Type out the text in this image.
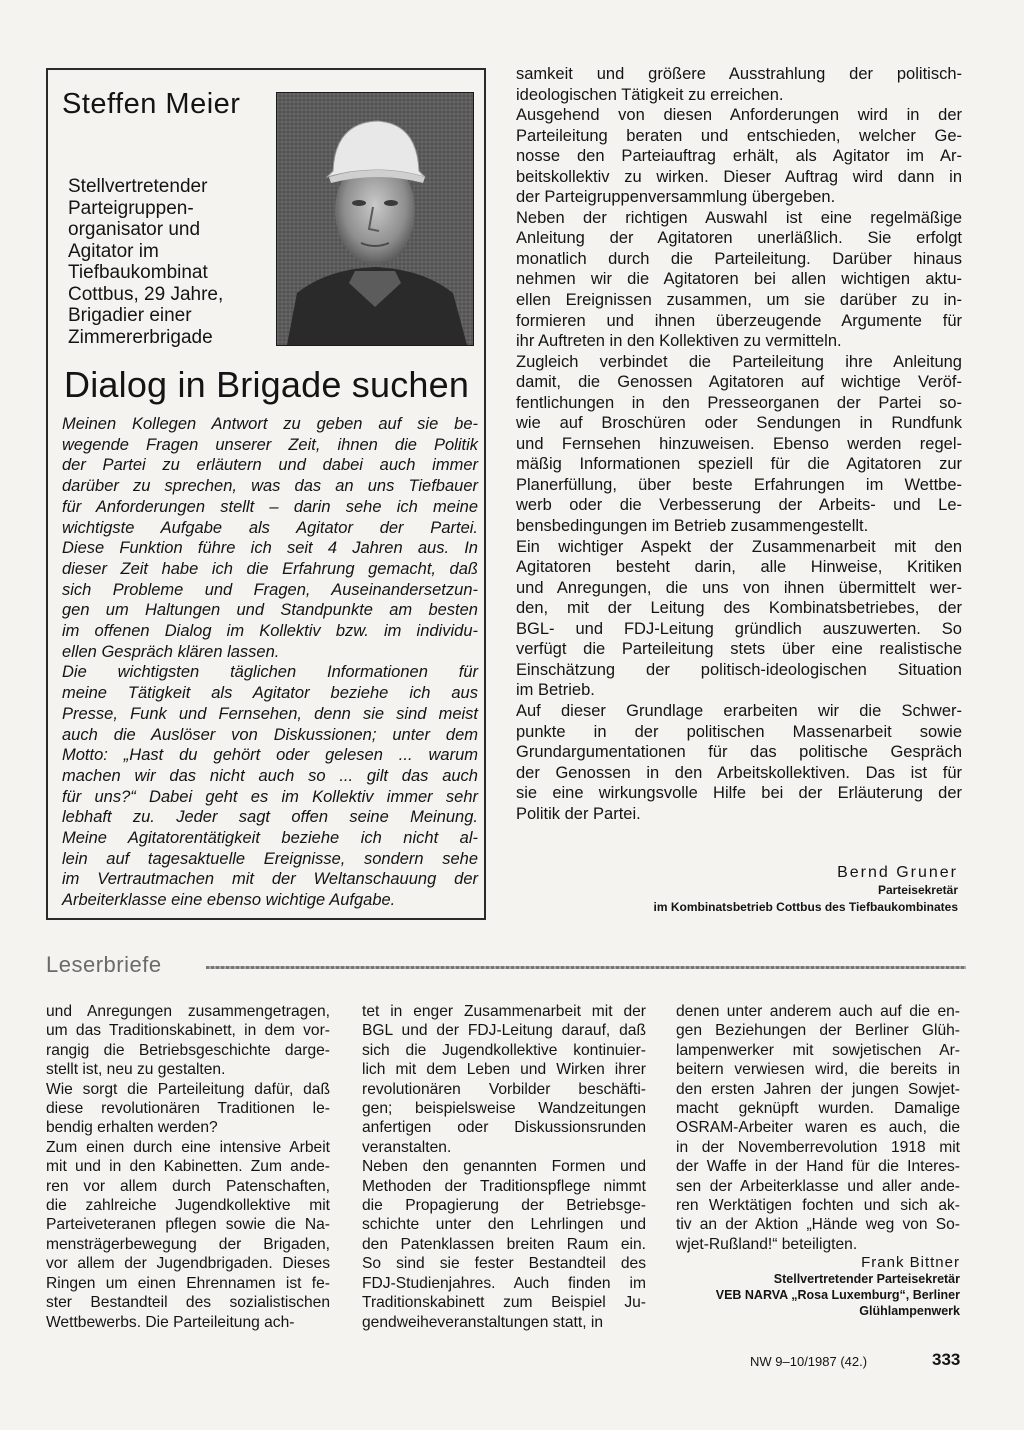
Steffen Meier
Stellvertretender
Parteigruppen-
organisator und
Agitator im
Tiefbaukombinat
Cottbus, 29 Jahre,
Brigadier einer
Zimmererbrigade
Dialog in Brigade suchen
Meinen Kollegen Antwort zu geben auf sie be-
wegende Fragen unserer Zeit, ihnen die Politik
der Partei zu erläutern und dabei auch immer
darüber zu sprechen, was das an uns Tiefbauer
für Anforderungen stellt – darin sehe ich meine
wichtigste Aufgabe als Agitator der Partei.
Diese Funktion führe ich seit 4 Jahren aus. In
dieser Zeit habe ich die Erfahrung gemacht, daß
sich Probleme und Fragen, Auseinandersetzun-
gen um Haltungen und Standpunkte am besten
im offenen Dialog im Kollektiv bzw. im individu-
ellen Gespräch klären lassen.
Die wichtigsten täglichen Informationen für
meine Tätigkeit als Agitator beziehe ich aus
Presse, Funk und Fernsehen, denn sie sind meist
auch die Auslöser von Diskussionen; unter dem
Motto: „Hast du gehört oder gelesen ... warum
machen wir das nicht auch so ... gilt das auch
für uns?“ Dabei geht es im Kollektiv immer sehr
lebhaft zu. Jeder sagt offen seine Meinung.
Meine Agitatorentätigkeit beziehe ich nicht al-
lein auf tagesaktuelle Ereignisse, sondern sehe
im Vertrautmachen mit der Weltanschauung der
Arbeiterklasse eine ebenso wichtige Aufgabe.
samkeit und größere Ausstrahlung der politisch-
ideologischen Tätigkeit zu erreichen.
Ausgehend von diesen Anforderungen wird in der
Parteileitung beraten und entschieden, welcher Ge-
nosse den Parteiauftrag erhält, als Agitator im Ar-
beitskollektiv zu wirken. Dieser Auftrag wird dann in
der Parteigruppenversammlung übergeben.
Neben der richtigen Auswahl ist eine regelmäßige
Anleitung der Agitatoren unerläßlich. Sie erfolgt
monatlich durch die Parteileitung. Darüber hinaus
nehmen wir die Agitatoren bei allen wichtigen aktu-
ellen Ereignissen zusammen, um sie darüber zu in-
formieren und ihnen überzeugende Argumente für
ihr Auftreten in den Kollektiven zu vermitteln.
Zugleich verbindet die Parteileitung ihre Anleitung
damit, die Genossen Agitatoren auf wichtige Veröf-
fentlichungen in den Presseorganen der Partei so-
wie auf Broschüren oder Sendungen in Rundfunk
und Fernsehen hinzuweisen. Ebenso werden regel-
mäßig Informationen speziell für die Agitatoren zur
Planerfüllung, über beste Erfahrungen im Wettbe-
werb oder die Verbesserung der Arbeits- und Le-
bensbedingungen im Betrieb zusammengestellt.
Ein wichtiger Aspekt der Zusammenarbeit mit den
Agitatoren besteht darin, alle Hinweise, Kritiken
und Anregungen, die uns von ihnen übermittelt wer-
den, mit der Leitung des Kombinatsbetriebes, der
BGL- und FDJ-Leitung gründlich auszuwerten. So
verfügt die Parteileitung stets über eine realistische
Einschätzung der politisch-ideologischen Situation
im Betrieb.
Auf dieser Grundlage erarbeiten wir die Schwer-
punkte in der politischen Massenarbeit sowie
Grundargumentationen für das politische Gespräch
der Genossen in den Arbeitskollektiven. Das ist für
sie eine wirkungsvolle Hilfe bei der Erläuterung der
Politik der Partei.
Bernd Gruner
Parteisekretär
im Kombinatsbetrieb Cottbus des Tiefbaukombinates
Leserbriefe
und Anregungen zusammengetragen,
um das Traditionskabinett, in dem vor-
rangig die Betriebsgeschichte darge-
stellt ist, neu zu gestalten.
Wie sorgt die Parteileitung dafür, daß
diese revolutionären Traditionen le-
bendig erhalten werden?
Zum einen durch eine intensive Arbeit
mit und in den Kabinetten. Zum ande-
ren vor allem durch Patenschaften,
die zahlreiche Jugendkollektive mit
Parteiveteranen pflegen sowie die Na-
mensträgerbewegung der Brigaden,
vor allem der Jugendbrigaden. Dieses
Ringen um einen Ehrennamen ist fe-
ster Bestandteil des sozialistischen
Wettbewerbs. Die Parteileitung ach-
tet in enger Zusammenarbeit mit der
BGL und der FDJ-Leitung darauf, daß
sich die Jugendkollektive kontinuier-
lich mit dem Leben und Wirken ihrer
revolutionären Vorbilder beschäfti-
gen; beispielsweise Wandzeitungen
anfertigen oder Diskussionsrunden
veranstalten.
Neben den genannten Formen und
Methoden der Traditionspflege nimmt
die Propagierung der Betriebsge-
schichte unter den Lehrlingen und
den Patenklassen breiten Raum ein.
So sind sie fester Bestandteil des
FDJ-Studienjahres. Auch finden im
Traditionskabinett zum Beispiel Ju-
gendweiheveranstaltungen statt, in
denen unter anderem auch auf die en-
gen Beziehungen der Berliner Glüh-
lampenwerker mit sowjetischen Ar-
beitern verwiesen wird, die bereits in
den ersten Jahren der jungen Sowjet-
macht geknüpft wurden. Damalige
OSRAM-Arbeiter waren es auch, die
in der Novemberrevolution 1918 mit
der Waffe in der Hand für die Interes-
sen der Arbeiterklasse und aller ande-
ren Werktätigen fochten und sich ak-
tiv an der Aktion „Hände weg von So-
wjet-Rußland!“ beteiligten.
Frank Bittner
Stellvertretender Parteisekretär
VEB NARVA „Rosa Luxemburg“, Berliner
Glühlampenwerk
NW 9–10/1987 (42.)	333
